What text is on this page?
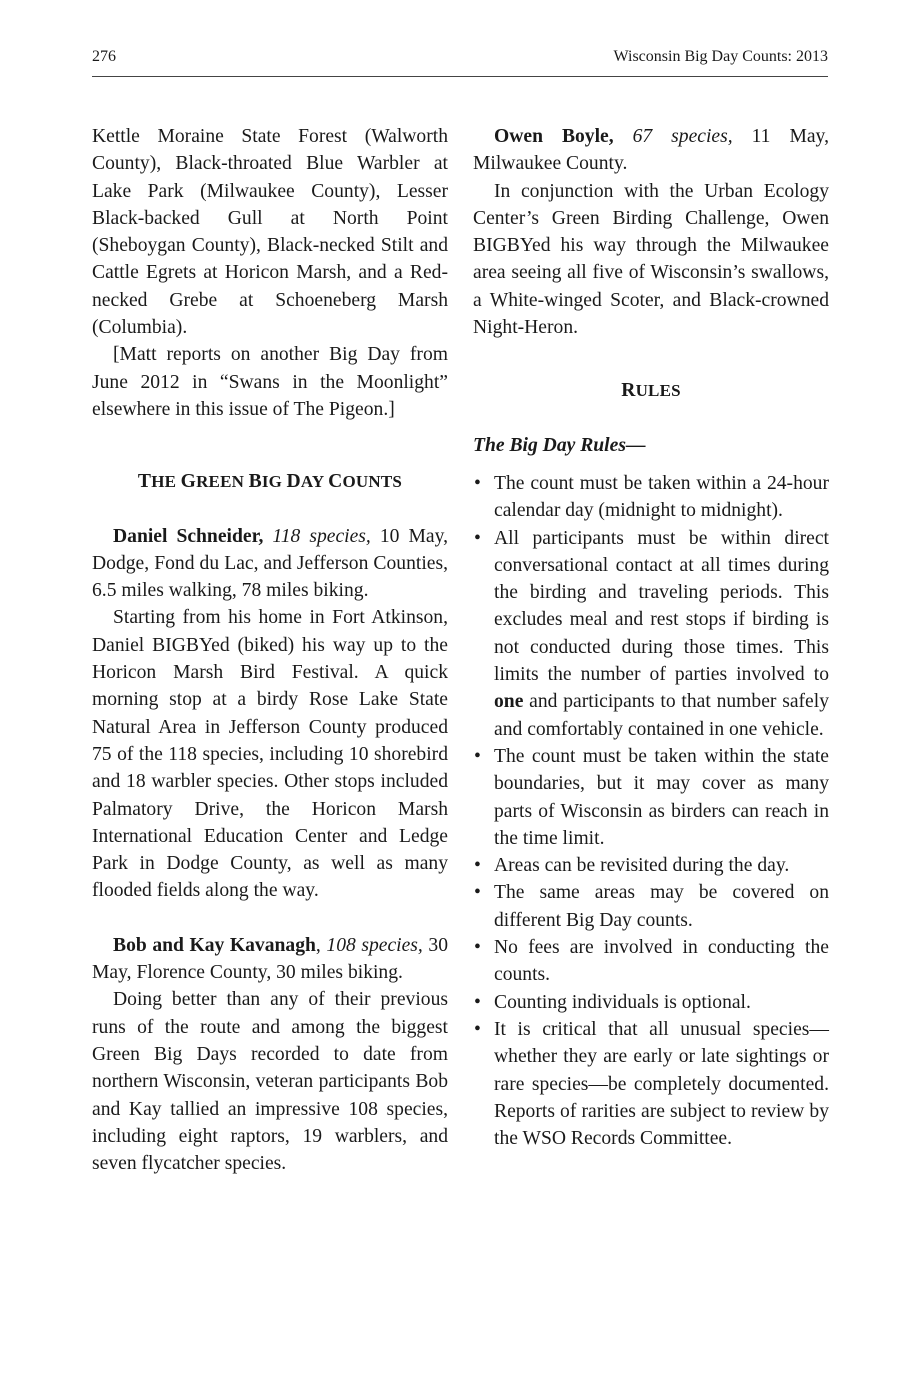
276	Wisconsin Big Day Counts: 2013

Kettle Moraine State Forest (Walworth County), Black-throated Blue Warbler at Lake Park (Milwaukee County), Lesser Black-backed Gull at North Point (Sheboygan County), Black-necked Stilt and Cattle Egrets at Horicon Marsh, and a Red-necked Grebe at Schoeneberg Marsh (Columbia).

[Matt reports on another Big Day from June 2012 in “Swans in the Moonlight” elsewhere in this issue of The Pigeon.]

THE GREEN BIG DAY COUNTS

Daniel Schneider, 118 species, 10 May, Dodge, Fond du Lac, and Jefferson Counties, 6.5 miles walking, 78 miles biking.

Starting from his home in Fort Atkinson, Daniel BIGBYed (biked) his way up to the Horicon Marsh Bird Festival. A quick morning stop at a birdy Rose Lake State Natural Area in Jefferson County produced 75 of the 118 species, including 10 shorebird and 18 warbler species. Other stops included Palmatory Drive, the Horicon Marsh International Education Center and Ledge Park in Dodge County, as well as many flooded fields along the way.

Bob and Kay Kavanagh, 108 species, 30 May, Florence County, 30 miles biking.

Doing better than any of their previous runs of the route and among the biggest Green Big Days recorded to date from northern Wisconsin, veteran participants Bob and Kay tallied an impressive 108 species, including eight raptors, 19 warblers, and seven flycatcher species.

Owen Boyle, 67 species, 11 May, Milwaukee County.

In conjunction with the Urban Ecology Center’s Green Birding Challenge, Owen BIGBYed his way through the Milwaukee area seeing all five of Wisconsin’s swallows, a White-winged Scoter, and Black-crowned Night-Heron.

RULES

The Big Day Rules—

• The count must be taken within a 24-hour calendar day (midnight to midnight).
• All participants must be within direct conversational contact at all times during the birding and traveling periods. This excludes meal and rest stops if birding is not conducted during those times. This limits the number of parties involved to one and participants to that number safely and comfortably contained in one vehicle.
• The count must be taken within the state boundaries, but it may cover as many parts of Wisconsin as birders can reach in the time limit.
• Areas can be revisited during the day.
• The same areas may be covered on different Big Day counts.
• No fees are involved in conducting the counts.
• Counting individuals is optional.
• It is critical that all unusual species—whether they are early or late sightings or rare species—be completely documented. Reports of rarities are subject to review by the WSO Records Committee.
